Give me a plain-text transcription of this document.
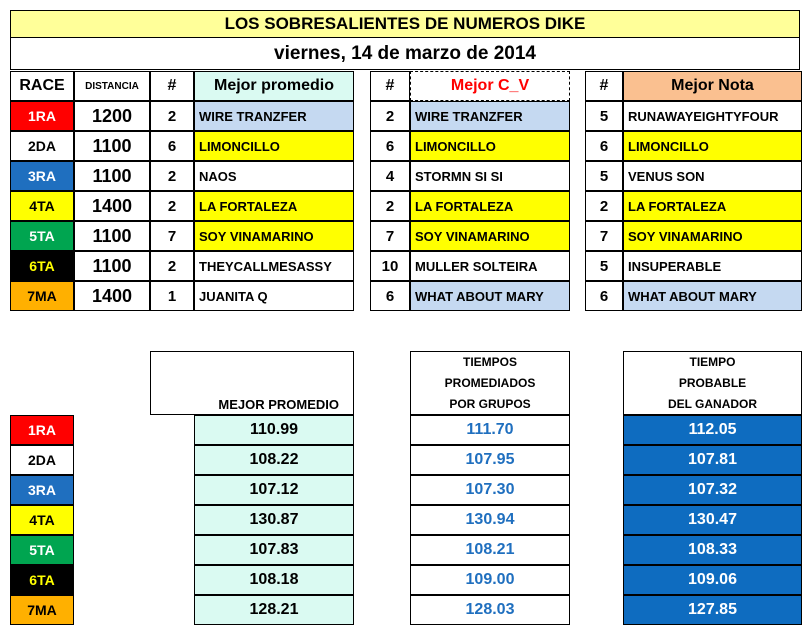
LOS SOBRESALIENTES DE NUMEROS DIKE
viernes, 14 de marzo de 2014
RACE	DISTANCIA	#	Mejor promedio	#	Mejor C_V	#	Mejor Nota
1RA	1200	2	WIRE TRANZFER	2	WIRE TRANZFER	5	RUNAWAYEIGHTYFOUR
2DA	1100	6	LIMONCILLO	6	LIMONCILLO	6	LIMONCILLO
3RA	1100	2	NAOS	4	STORMN SI SI	5	VENUS SON
4TA	1400	2	LA FORTALEZA	2	LA FORTALEZA	2	LA FORTALEZA
5TA	1100	7	SOY VINAMARINO	7	SOY VINAMARINO	7	SOY VINAMARINO
6TA	1100	2	THEYCALLMESASSY	10	MULLER SOLTEIRA	5	INSUPERABLE
7MA	1400	1	JUANITA Q	6	WHAT ABOUT MARY	6	WHAT ABOUT MARY
MEJOR PROMEDIO
TIEMPOS
PROMEDIADOS
POR GRUPOS
TIEMPO
PROBABLE
DEL GANADOR
1RA	110.99	111.70	112.05
2DA	108.22	107.95	107.81
3RA	107.12	107.30	107.32
4TA	130.87	130.94	130.47
5TA	107.83	108.21	108.33
6TA	108.18	109.00	109.06
7MA	128.21	128.03	127.85
